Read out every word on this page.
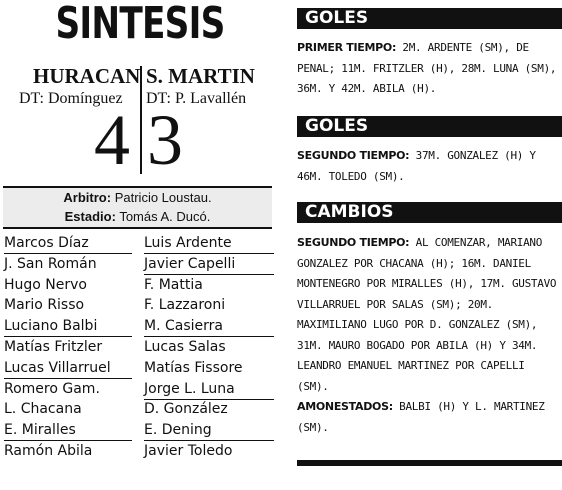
SINTESIS
HURACAN S. MARTIN
DT: Domínguez DT: P. Lavallén
4 3
Arbitro: Patricio Loustau.
Estadio: Tomás A. Ducó.
Marcos Díaz	Luis Ardente
J. San Román	Javier Capelli
Hugo Nervo	F. Mattia
Mario Risso	F. Lazzaroni
Luciano Balbi	M. Casierra
Matías Fritzler	Lucas Salas
Lucas Villarruel	Matías Fissore
Romero Gam.	Jorge L. Luna
L. Chacana	D. González
E. Miralles	E. Dening
Ramón Abila	Javier Toledo
GOLES
PRIMER TIEMPO: 2M. ARDENTE (SM), DE PENAL; 11M. FRITZLER (H), 28M. LUNA (SM), 36M. Y 42M. ABILA (H).
GOLES
SEGUNDO TIEMPO: 37M. GONZALEZ (H) Y 46M. TOLEDO (SM).
CAMBIOS
SEGUNDO TIEMPO: AL COMENZAR, MARIANO GONZALEZ POR CHACANA (H); 16M. DANIEL MONTENEGRO POR MIRALLES (H), 17M. GUSTAVO VILLARRUEL POR SALAS (SM); 20M. MAXIMILIANO LUGO POR D. GONZALEZ (SM), 31M. MAURO BOGADO POR ABILA (H) Y 34M. LEANDRO EMANUEL MARTINEZ POR CAPELLI (SM).
AMONESTADOS: BALBI (H) Y L. MARTINEZ (SM).
